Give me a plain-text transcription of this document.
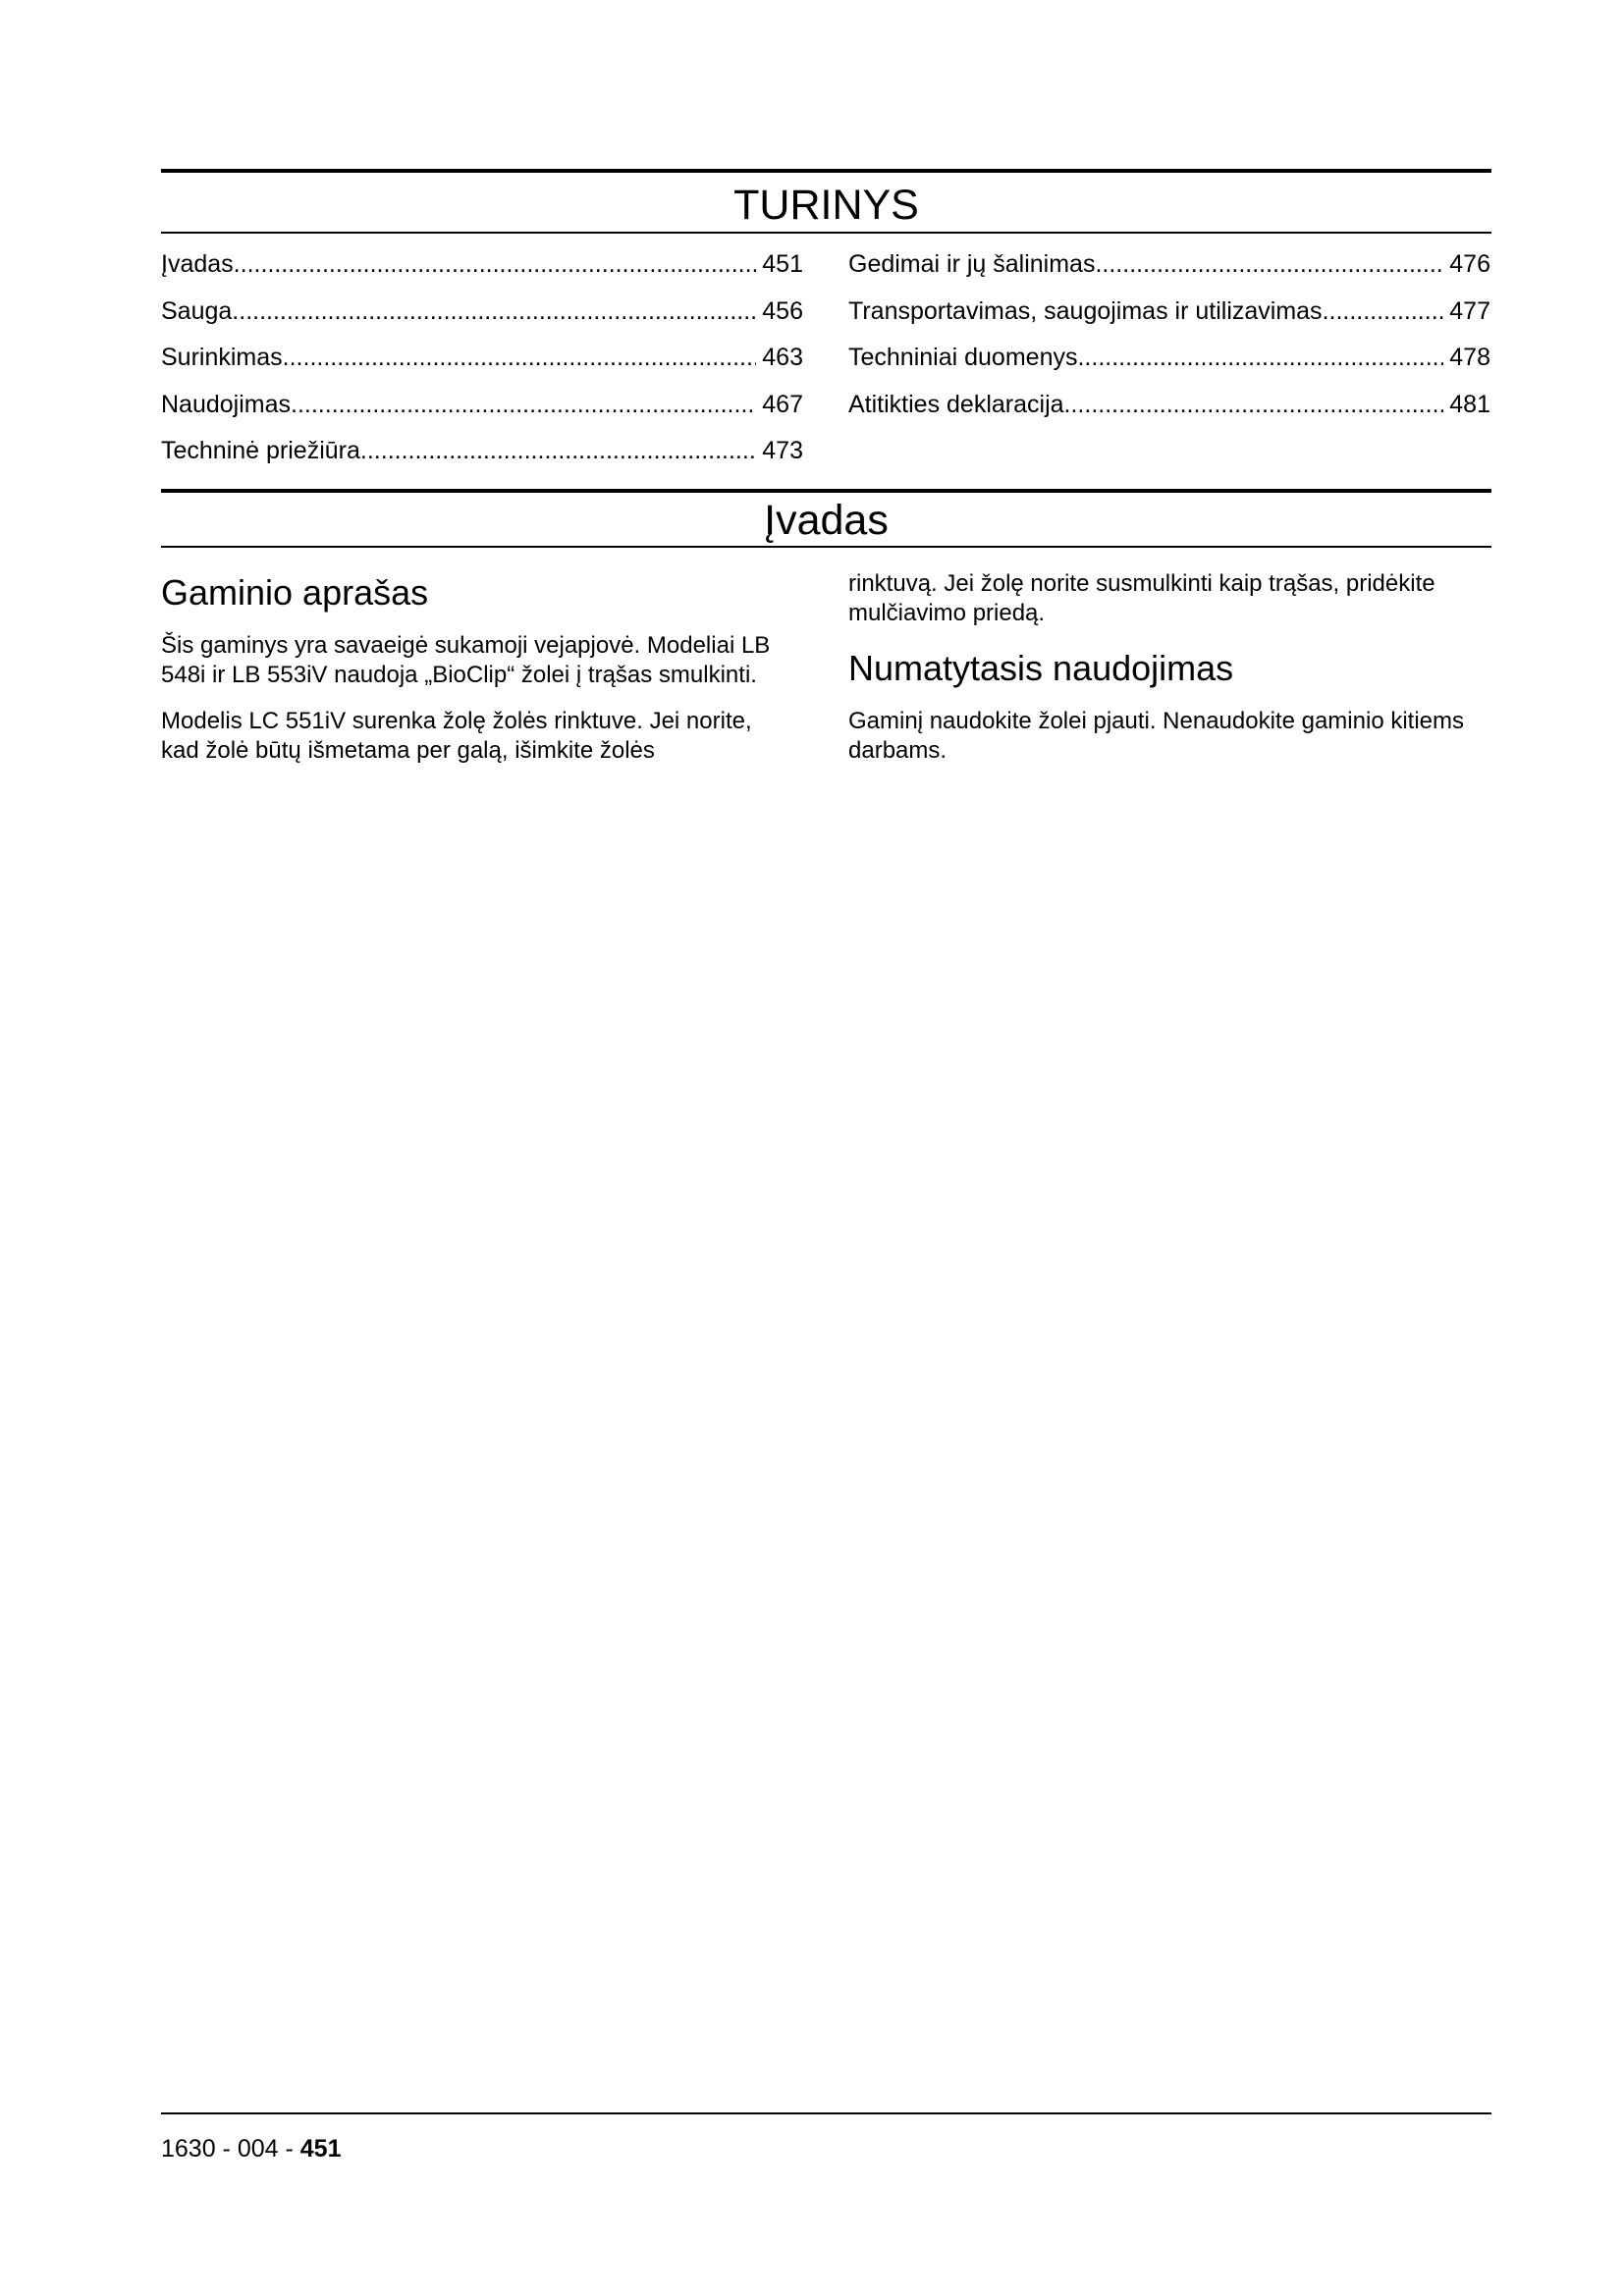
TURINYS
Įvadas .....	451
Sauga .....	456
Surinkimas .....	463
Naudojimas .....	467
Techninė priežiūra .....	473
Gedimai ir jų šalinimas .....	476
Transportavimas, saugojimas ir utilizavimas .....	477
Techniniai duomenys .....	478
Atitikties deklaracija .....	481
Įvadas
Gaminio aprašas

Šis gaminys yra savaeigė sukamoji vejapjovė. Modeliai LB 548i ir LB 553iV naudoja „BioClip“ žolei į trąšas smulkinti.

Modelis LC 551iV surenka žolę žolės rinktuve. Jei norite, kad žolė būtų išmetama per galą, išimkite žolės

rinktuvą. Jei žolę norite susmulkinti kaip trąšas, pridėkite mulčiavimo priedą.

Numatytasis naudojimas

Gaminį naudokite žolei pjauti. Nenaudokite gaminio kitiems darbams.

1630 - 004 - 451
